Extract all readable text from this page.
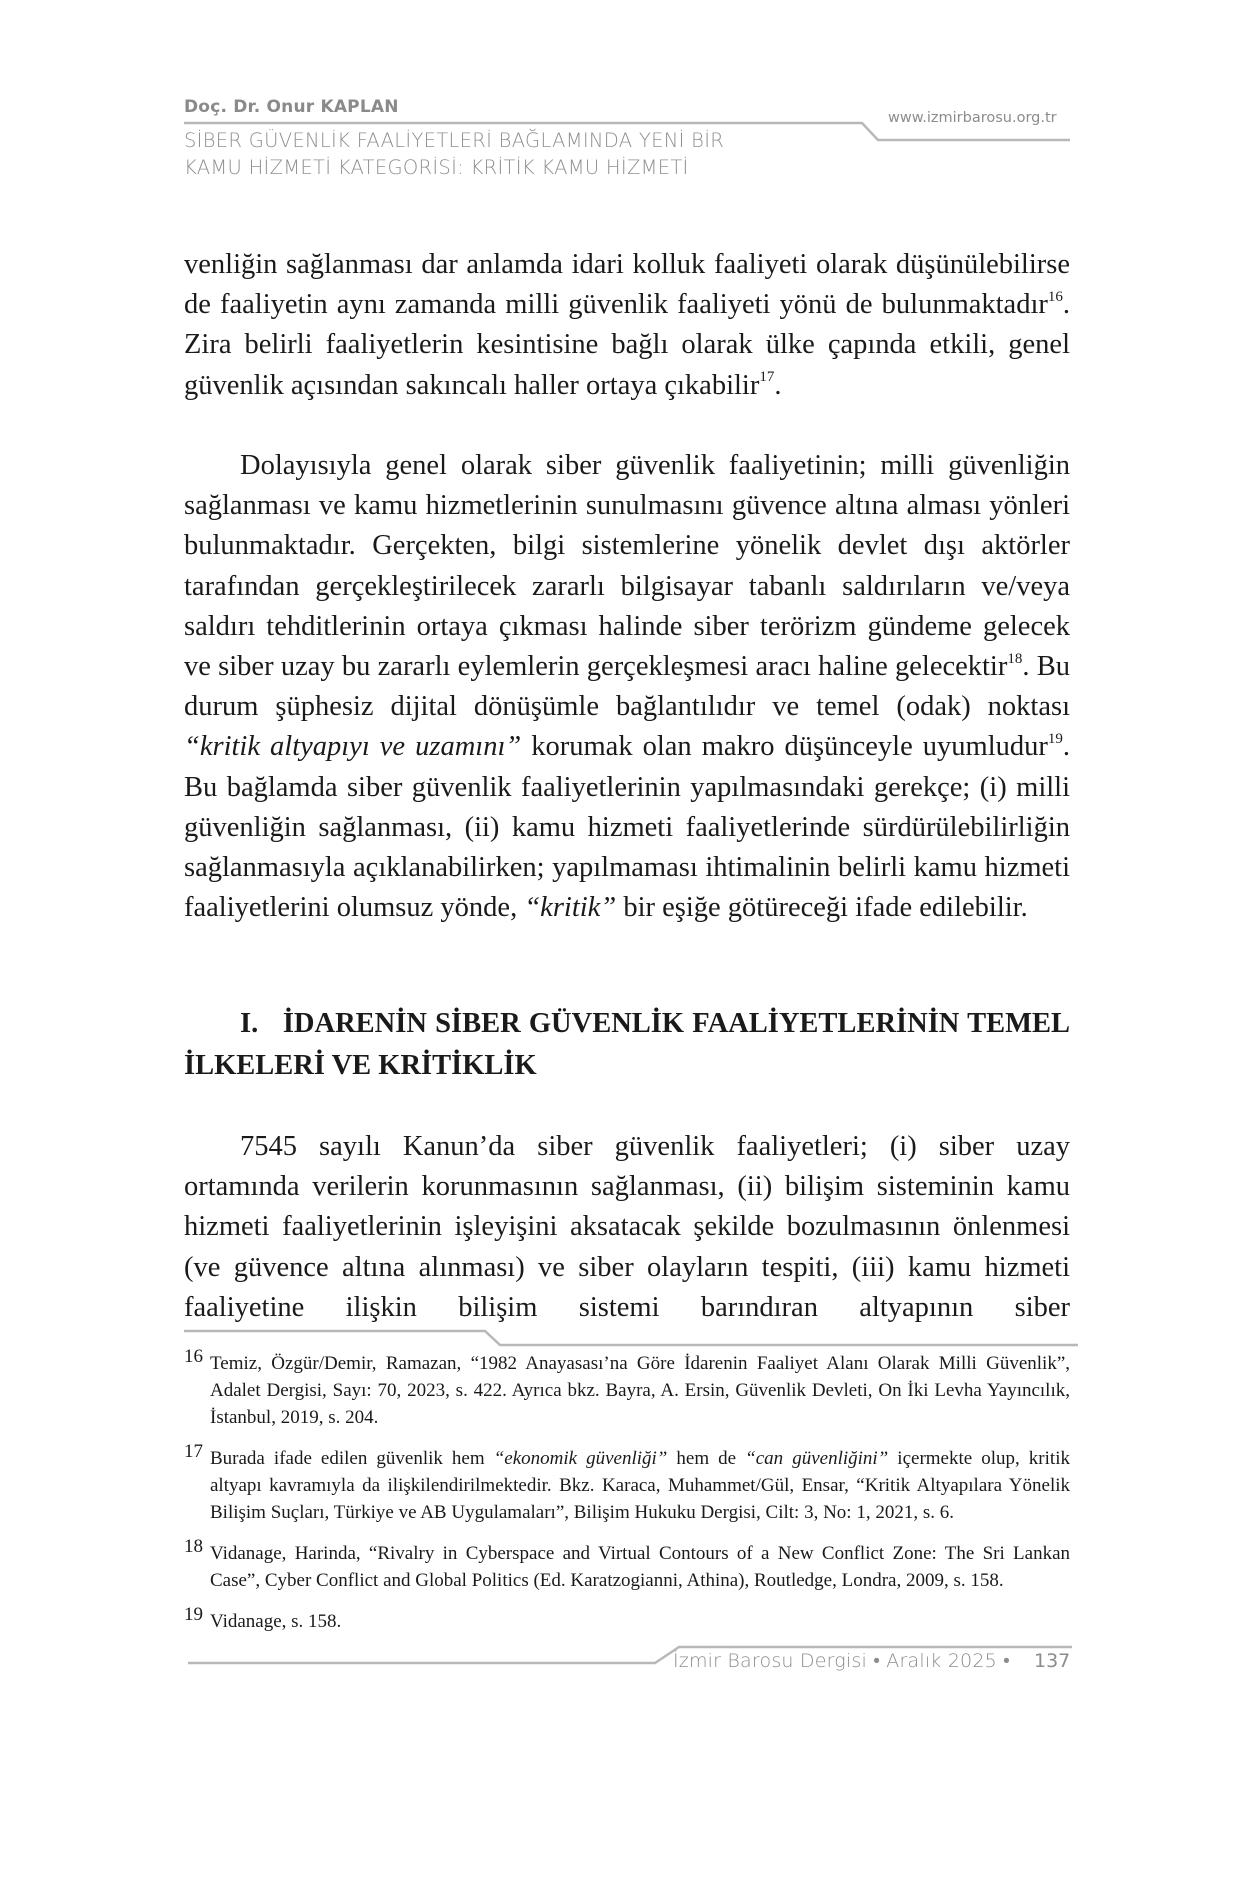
Doç. Dr. Onur KAPLAN
SİBER GÜVENLİK FAALİYETLERİ BAĞLAMINDA YENİ BİR
KAMU HİZMETİ KATEGORİSİ: KRİTİK KAMU HİZMETİ
www.izmirbarosu.org.tr

venliğin sağlanması dar anlamda idari kolluk faaliyeti olarak düşünülebilirse de faaliyetin aynı zamanda milli güvenlik faaliyeti yönü de bulunmaktadır$^{16}$. Zira belirli faaliyetlerin kesintisine bağlı olarak ülke çapında etkili, genel güvenlik açısından sakıncalı haller ortaya çıkabilir$^{17}$.

Dolayısıyla genel olarak siber güvenlik faaliyetinin; milli güvenliğin sağlanması ve kamu hizmetlerinin sunulmasını güvence altına alması yönleri bulunmaktadır. Gerçekten, bilgi sistemlerine yönelik devlet dışı aktörler tarafından gerçekleştirilecek zararlı bilgisayar tabanlı saldırıların ve/veya saldırı tehditlerinin ortaya çıkması halinde siber terörizm gündeme gelecek ve siber uzay bu zararlı eylemlerin gerçekleşmesi aracı haline gelecektir$^{18}$. Bu durum şüphesiz dijital dönüşümle bağlantılıdır ve temel (odak) noktası “kritik altyapıyı ve uzamını” korumak olan makro düşünceyle uyumludur$^{19}$. Bu bağlamda siber güvenlik faaliyetlerinin yapılmasındaki gerekçe; (i) milli güvenliğin sağlanması, (ii) kamu hizmeti faaliyetlerinde sürdürülebilirliğin sağlanmasıyla açıklanabilirken; yapılmaması ihtimalinin belirli kamu hizmeti faaliyetlerini olumsuz yönde, “kritik” bir eşiğe götüreceği ifade edilebilir.

I. İDARENİN SİBER GÜVENLİK FAALİYETLERİNİN TEMEL İLKELERİ VE KRİTİKLİK

7545 sayılı Kanun’da siber güvenlik faaliyetleri; (i) siber uzay ortamında verilerin korunmasının sağlanması, (ii) bilişim sisteminin kamu hizmeti faaliyetlerinin işleyişini aksatacak şekilde bozulmasının önlenmesi (ve güvence altına alınması) ve siber olayların tespiti, (iii) kamu hizmeti faaliyetine ilişkin bilişim sistemi barındıran altyapının siber

16 Temiz, Özgür/Demir, Ramazan, “1982 Anayasası’na Göre İdarenin Faaliyet Alanı Olarak Milli Güvenlik”, Adalet Dergisi, Sayı: 70, 2023, s. 422. Ayrıca bkz. Bayra, A. Ersin, Güvenlik Devleti, On İki Levha Yayıncılık, İstanbul, 2019, s. 204.
17 Burada ifade edilen güvenlik hem “ekonomik güvenliği” hem de “can güvenliğini” içermekte olup, kritik altyapı kavramıyla da ilişkilendirilmektedir. Bkz. Karaca, Muhammet/Gül, Ensar, “Kritik Altyapılara Yönelik Bilişim Suçları, Türkiye ve AB Uygulamaları”, Bilişim Hukuku Dergisi, Cilt: 3, No: 1, 2021, s. 6.
18 Vidanage, Harinda, “Rivalry in Cyberspace and Virtual Contours of a New Conflict Zone: The Sri Lankan Case”, Cyber Conflict and Global Politics (Ed. Karatzogianni, Athina), Routledge, Londra, 2009, s. 158.
19 Vidanage, s. 158.
İzmir Barosu Dergisi • Aralık 2025 • 137
